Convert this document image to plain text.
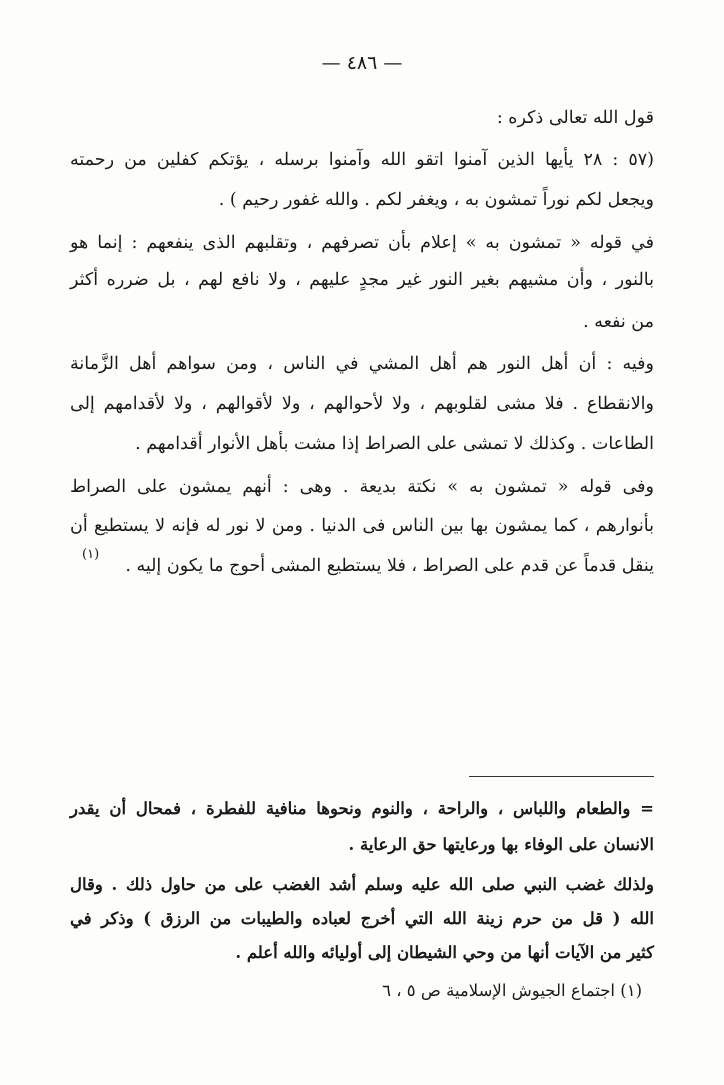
— ٤٨٦ —
قول الله تعالى ذكره :
(٥٧ : ٢٨ يأيها الذين آمنوا اتقو الله وآمنوا برسله ، يؤتكم كفلين من رحمته
ويجعل لكم نوراً تمشون به ، ويغفر لكم . والله غفور رحيم ) .
في قوله « تمشون به » إعلام بأن تصرفهم ، وتقلبهم الذى ينفعهم : إنما هو
بالنور ، وأن مشيهم بغير النور غير مجدٍ عليهم ، ولا نافع لهم ، بل ضرره أكثر
من نفعه .
وفيه : أن أهل النور هم أهل المشي في الناس ، ومن سواهم أهل الزَّمانة
والانقطاع . فلا مشى لقلوبهم ، ولا لأحوالهم ، ولا لأقوالهم ، ولا لأقدامهم إلى
الطاعات . وكذلك لا تمشى على الصراط إذا مشت بأهل الأنوار أقدامهم .
وفى قوله « تمشون به » نكتة بديعة . وهى : أنهم يمشون على الصراط
بأنوارهم ، كما يمشون بها بين الناس فى الدنيا . ومن لا نور له فإنه لا يستطيع أن
ينقل قدماً عن قدم على الصراط ، فلا يستطيع المشى أحوج ما يكون إليه .
(١)
= والطعام واللباس ، والراحة ، والنوم ونحوها منافية للفطرة ، فمحال أن يقدر
الانسان على الوفاء بها ورعايتها حق الرعاية .
ولذلك غضب النبي صلى الله عليه وسلم أشد الغضب على من حاول ذلك . وقال
الله ( قل من حرم زينة الله التي أخرج لعباده والطيبات من الرزق ) وذكر في
كثير من الآيات أنها من وحي الشيطان إلى أوليائه والله أعلم .
(١) اجتماع الجيوش الإسلامية ص ٥ ، ٦
